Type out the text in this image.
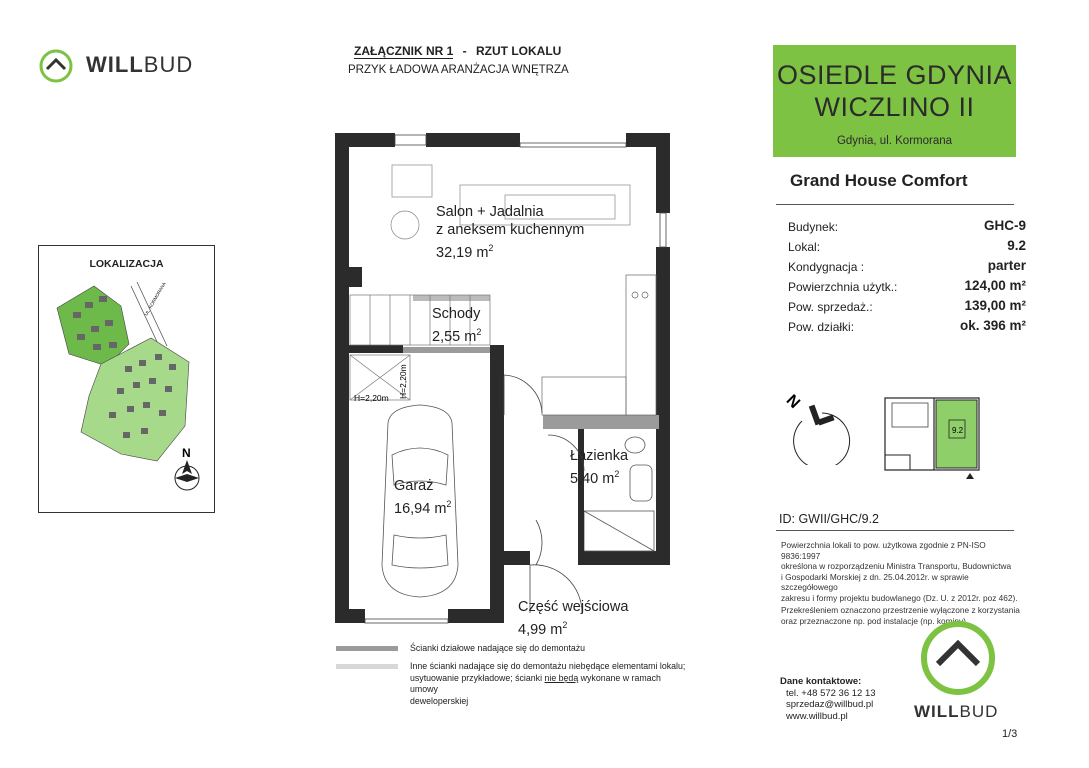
WILLBUD
ZAŁĄCZNIK NR 1 - RZUT LOKALU
PRZYK ŁADOWA ARANŻACJA WNĘTRZA	OSIEDLE GDYNIA
WICZLINO II
Gdynia, ul. Kormorana
Grand House Comfort
Budynek:	GHC-9
Lokal:	9.2
Kondygnacja :	parter
Powierzchnia użytk.:	124,00 m²
Pow. sprzedaż.:	139,00 m²
Pow. działki:	ok. 396 m²
N
9.2
ID: GWII/GHC/9.2
Powierzchnia lokali to pow. użytkowa zgodnie z PN-ISO 9836:1997
określona w rozporządzeniu Ministra Transportu, Budownictwa
i Gospodarki Morskiej z dn. 25.04.2012r. w sprawie szczegółowego
zakresu i formy projektu budowlanego (Dz. U. z 2012r. poz 462).
Przekreśleniem oznaczono przestrzenie wyłączone z korzystania
oraz przeznaczone np. pod instalacje (np. kominy).
LOKALIZACJA
UL. KORMORANA
N
H=2,20m H=2,20m
Salon + Jadalnia
z aneksem kuchennym
32,19 $m^2$
Schody
2,55 $m^2$
Łazienka
5,40 $m^2$
Garaż
16,94 $m^2$
Część wejściowa
4,99 $m^2$
Ścianki działowe nadające się do demontażu
Inne ścianki nadające się do demontażu niebędące elementami lokalu;
usytuowanie przykładowe; ścianki nie będą wykonane w ramach umowy
deweloperskiej
Dane kontaktowe:
tel. +48 572 36 12 13
sprzedaz@willbud.pl
www.willbud.pl	WILLBUD
1/3
